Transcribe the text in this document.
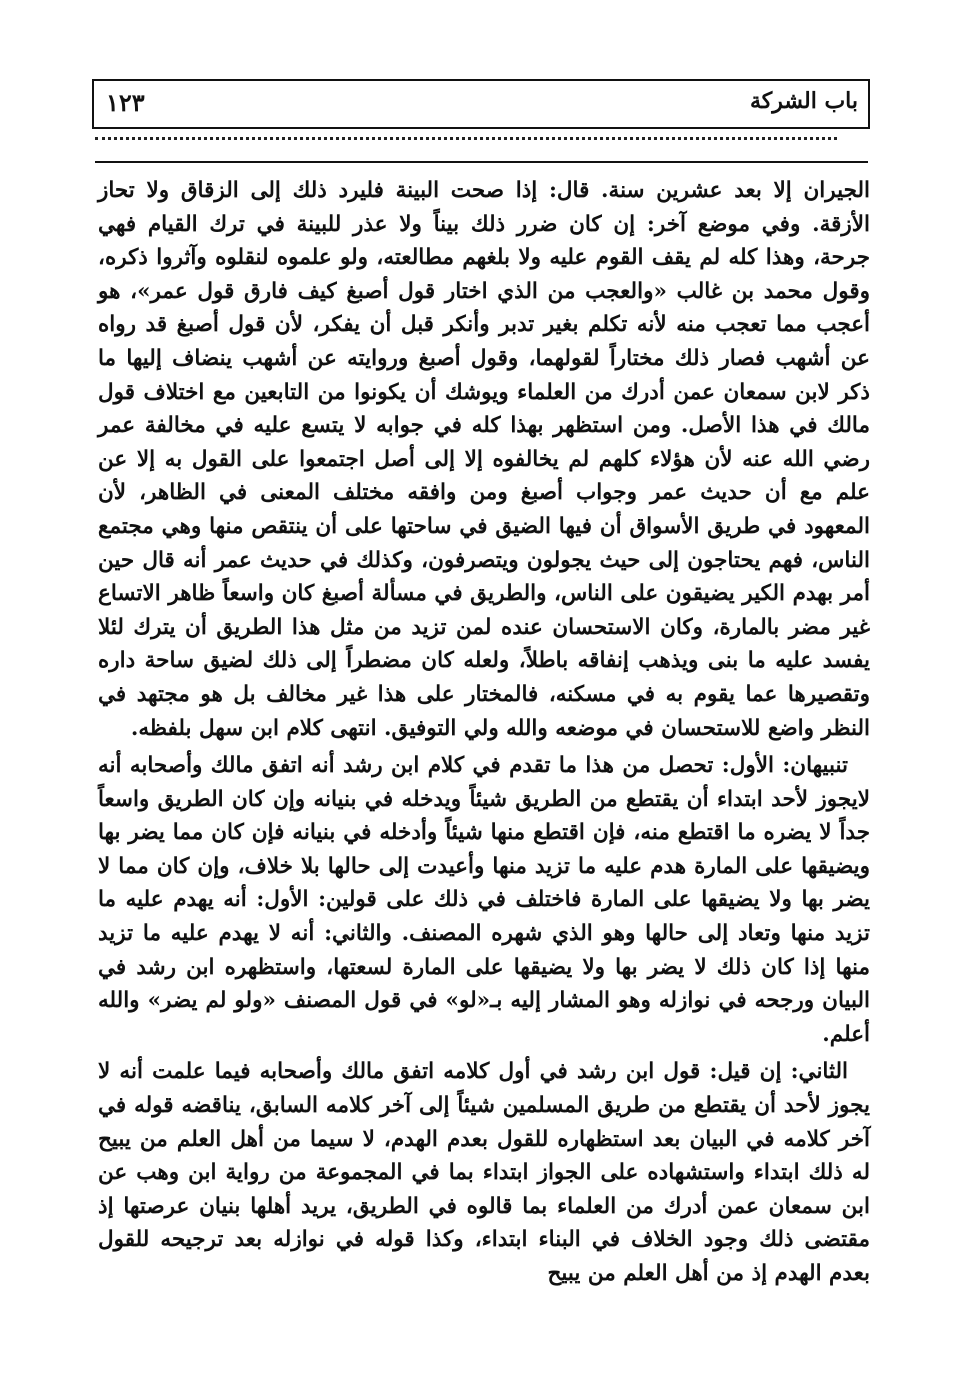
باب الشركة
١٢٣

الجيران إلا بعد عشرين سنة. قال: إذا صحت البينة فليرد ذلك إلى الزقاق ولا تحاز الأزقة. وفي موضع آخر: إن كان ضرر ذلك بيناً ولا عذر للبينة في ترك القيام فهي جرحة، وهذا كله لم يقف القوم عليه ولا بلغهم مطالعته، ولو علموه لنقلوه وآثروا ذكره، وقول محمد بن غالب «والعجب من الذي اختار قول أصبغ كيف فارق قول عمر»، هو أعجب مما تعجب منه لأنه تكلم بغير تدبر وأنكر قبل أن يفكر، لأن قول أصبغ قد رواه عن أشهب فصار ذلك مختاراً لقولهما، وقول أصبغ وروايته عن أشهب ينضاف إليها ما ذكر لابن سمعان عمن أدرك من العلماء ويوشك أن يكونوا من التابعين مع اختلاف قول مالك في هذا الأصل. ومن استظهر بهذا كله في جوابه لا يتسع عليه في مخالفة عمر رضي الله عنه لأن هؤلاء كلهم لم يخالفوه إلا إلى أصل اجتمعوا على القول به إلا عن علم مع أن حديث عمر وجواب أصبغ ومن وافقه مختلف المعنى في الظاهر، لأن المعهود في طريق الأسواق أن فيها الضيق في ساحتها على أن ينتقص منها وهي مجتمع الناس، فهم يحتاجون إلى حيث يجولون ويتصرفون، وكذلك في حديث عمر أنه قال حين أمر بهدم الكير يضيقون على الناس، والطريق في مسألة أصبغ كان واسعاً ظاهر الاتساع غير مضر بالمارة، وكان الاستحسان عنده لمن تزيد من مثل هذا الطريق أن يترك لئلا يفسد عليه ما بنى ويذهب إنفاقه باطلاً، ولعله كان مضطراً إلى ذلك لضيق ساحة داره وتقصيرها عما يقوم به في مسكنه، فالمختار على هذا غير مخالف بل هو مجتهد في النظر واضع للاستحسان في موضعه والله ولي التوفيق. انتهى كلام ابن سهل بلفظه.

تنبيهان: الأول: تحصل من هذا ما تقدم في كلام ابن رشد أنه اتفق مالك وأصحابه أنه لايجوز لأحد ابتداء أن يقتطع من الطريق شيئاً ويدخله في بنيانه وإن كان الطريق واسعاً جداً لا يضره ما اقتطع منه، فإن اقتطع منها شيئاً وأدخله في بنيانه فإن كان مما يضر بها ويضيقها على المارة هدم عليه ما تزيد منها وأعيدت إلى حالها بلا خلاف، وإن كان مما لا يضر بها ولا يضيقها على المارة فاختلف في ذلك على قولين: الأول: أنه يهدم عليه ما تزيد منها وتعاد إلى حالها وهو الذي شهره المصنف. والثاني: أنه لا يهدم عليه ما تزيد منها إذا كان ذلك لا يضر بها ولا يضيقها على المارة لسعتها، واستظهره ابن رشد في البيان ورجحه في نوازله وهو المشار إليه بـ«لو» في قول المصنف «ولو لم يضر» والله أعلم.

الثاني: إن قيل: قول ابن رشد في أول كلامه اتفق مالك وأصحابه فيما علمت أنه لا يجوز لأحد أن يقتطع من طريق المسلمين شيئاً إلى آخر كلامه السابق، يناقضه قوله في آخر كلامه في البيان بعد استظهاره للقول بعدم الهدم، لا سيما من أهل العلم من يبيح له ذلك ابتداء واستشهاده على الجواز ابتداء بما في المجموعة من رواية ابن وهب عن ابن سمعان عمن أدرك من العلماء بما قالوه في الطريق، يريد أهلها بنيان عرصتها إذ مقتضى ذلك وجود الخلاف في البناء ابتداء، وكذا قوله في نوازله بعد ترجيحه للقول بعدم الهدم إذ من أهل العلم من يبيح
